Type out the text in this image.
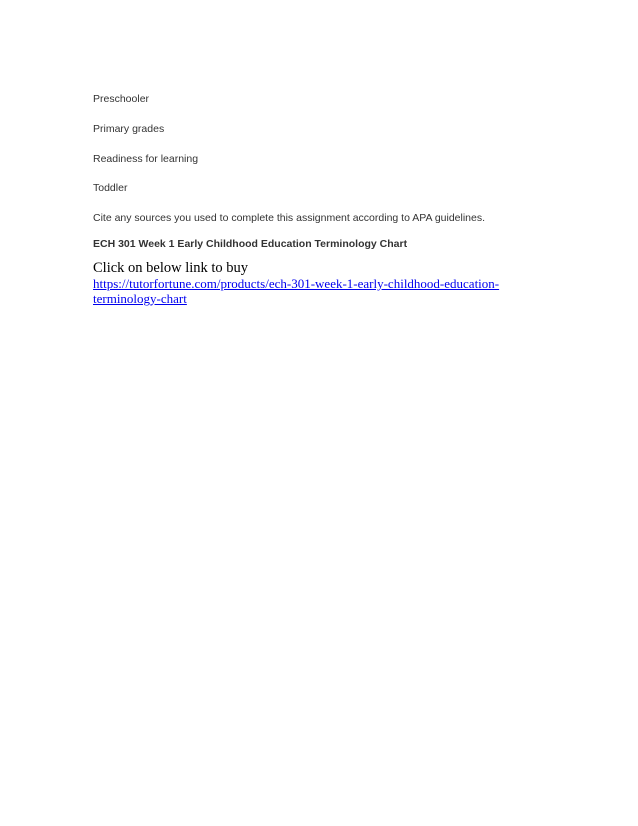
Preschooler

Primary grades

Readiness for learning

Toddler

Cite any sources you used to complete this assignment according to APA guidelines.

ECH 301 Week 1 Early Childhood Education Terminology Chart

Click on below link to buy
https://tutorfortune.com/products/ech-301-week-1-early-childhood-education-
terminology-chart
